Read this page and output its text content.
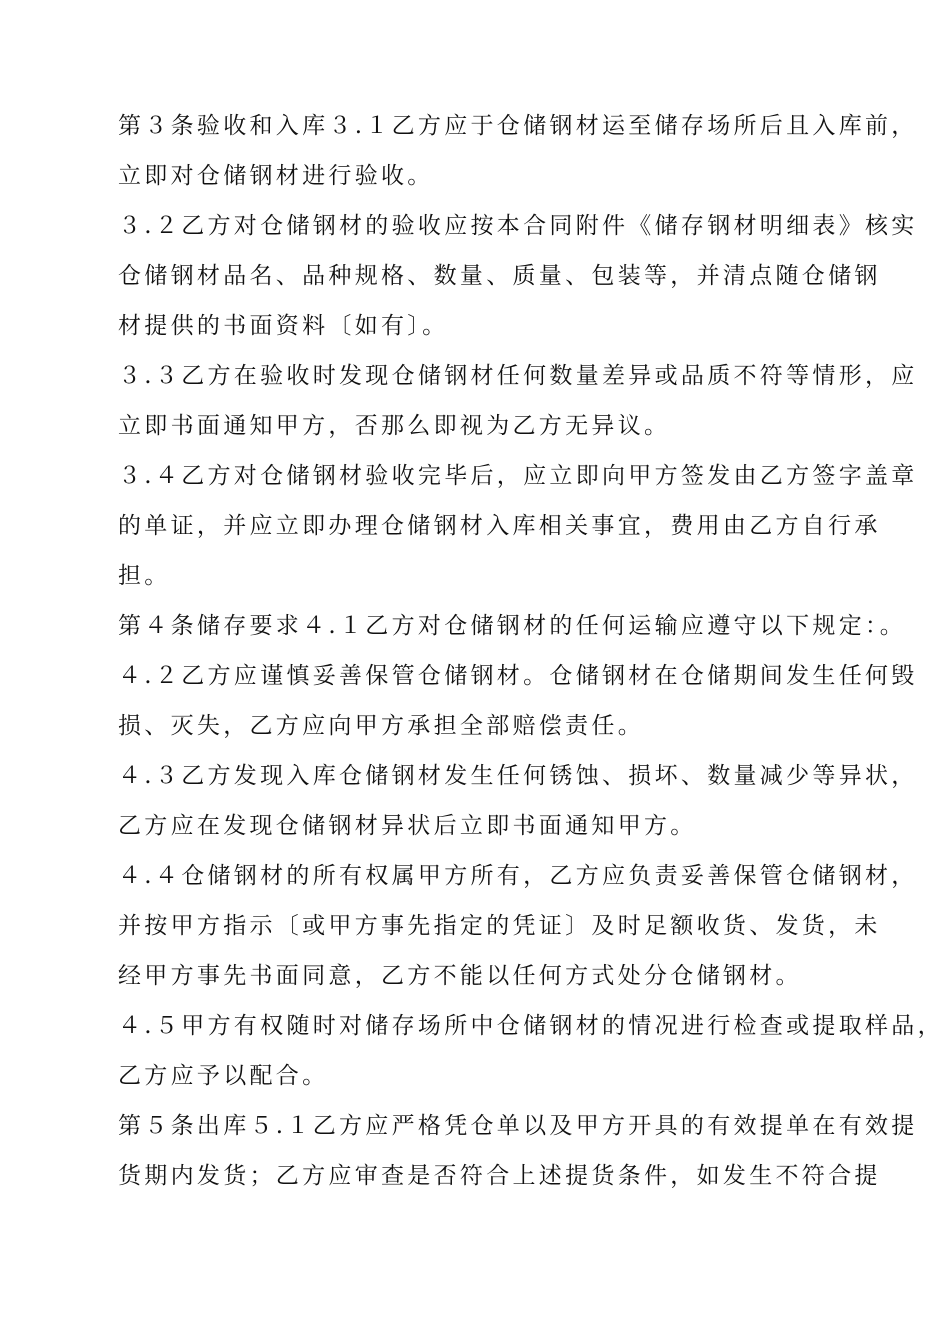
第３条验收和入库３.１乙方应于仓储钢材运至储存场所后且入库前，
立即对仓储钢材进行验收。
３.２乙方对仓储钢材的验收应按本合同附件《储存钢材明细表》核实
仓储钢材品名、品种规格、数量、质量、包装等，并清点随仓储钢
材提供的书面资料〔如有〕。
３.３乙方在验收时发现仓储钢材任何数量差异或品质不符等情形，应
立即书面通知甲方，否那么即视为乙方无异议。
３.４乙方对仓储钢材验收完毕后，应立即向甲方签发由乙方签字盖章
的单证，并应立即办理仓储钢材入库相关事宜，费用由乙方自行承
担。
第４条储存要求４.１乙方对仓储钢材的任何运输应遵守以下规定：。
４.２乙方应谨慎妥善保管仓储钢材。仓储钢材在仓储期间发生任何毁
损、灭失，乙方应向甲方承担全部赔偿责任。
４.３乙方发现入库仓储钢材发生任何锈蚀、损坏、数量减少等异状，
乙方应在发现仓储钢材异状后立即书面通知甲方。
４.４仓储钢材的所有权属甲方所有，乙方应负责妥善保管仓储钢材，
并按甲方指示〔或甲方事先指定的凭证〕及时足额收货、发货，未
经甲方事先书面同意，乙方不能以任何方式处分仓储钢材。
４.５甲方有权随时对储存场所中仓储钢材的情况进行检查或提取样品，
乙方应予以配合。
第５条出库５.１乙方应严格凭仓单以及甲方开具的有效提单在有效提
货期内发货；乙方应审查是否符合上述提货条件，如发生不符合提
